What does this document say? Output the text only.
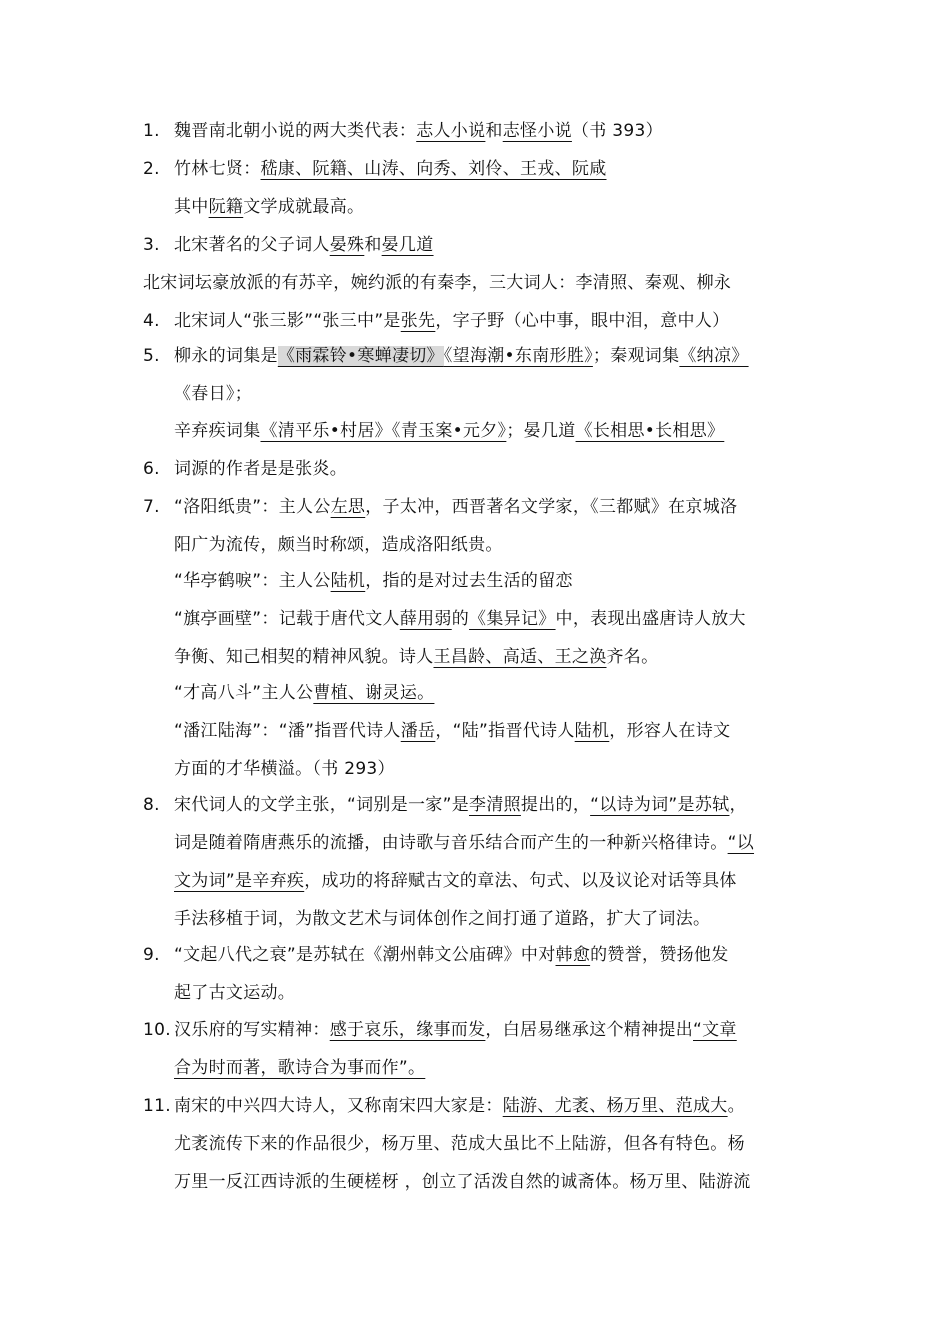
1. 魏晋南北朝小说的两大类代表：志人小说和志怪小说（书 393）
2. 竹林七贤：嵇康、阮籍、山涛、向秀、刘伶、王戎、阮咸
其中阮籍文学成就最高。
3. 北宋著名的父子词人晏殊和晏几道
北宋词坛豪放派的有苏辛，婉约派的有秦李，三大词人：李清照、秦观、柳永
4. 北宋词人“张三影”“张三中”是张先，字子野（心中事，眼中泪，意中人）
5. 柳永的词集是《雨霖铃•寒蝉凄切》《望海潮•东南形胜》；秦观词集《纳凉》
《春日》；
辛弃疾词集《清平乐•村居》《青玉案•元夕》；晏几道《长相思•长相思》
6. 词源的作者是是张炎。
7. “洛阳纸贵”：主人公左思，子太冲，西晋著名文学家，《三都赋》在京城洛
阳广为流传，颇当时称颂，造成洛阳纸贵。
“华亭鹤唳”：主人公陆机，指的是对过去生活的留恋
“旗亭画壁”：记载于唐代文人薛用弱的《集异记》中，表现出盛唐诗人放大
争衡、知己相契的精神风貌。诗人王昌龄、高适、王之涣齐名。
“才高八斗”主人公曹植、谢灵运。
“潘江陆海”：“潘”指晋代诗人潘岳，“陆”指晋代诗人陆机，形容人在诗文
方面的才华横溢。（书 293）
8. 宋代词人的文学主张，“词别是一家”是李清照提出的，“以诗为词”是苏轼，
词是随着隋唐燕乐的流播，由诗歌与音乐结合而产生的一种新兴格律诗。“以
文为词”是辛弃疾，成功的将辞赋古文的章法、句式、以及议论对话等具体
手法移植于词，为散文艺术与词体创作之间打通了道路，扩大了词法。
9. “文起八代之衰”是苏轼在《潮州韩文公庙碑》中对韩愈的赞誉，赞扬他发
起了古文运动。
10. 汉乐府的写实精神：感于哀乐，缘事而发，白居易继承这个精神提出“文章
合为时而著，歌诗合为事而作”。
11. 南宋的中兴四大诗人，又称南宋四大家是：陆游、尤袤、杨万里、范成大。
尤袤流传下来的作品很少，杨万里、范成大虽比不上陆游，但各有特色。杨
万里一反江西诗派的生硬槎枒 ，创立了活泼自然的诚斋体。杨万里、陆游流
